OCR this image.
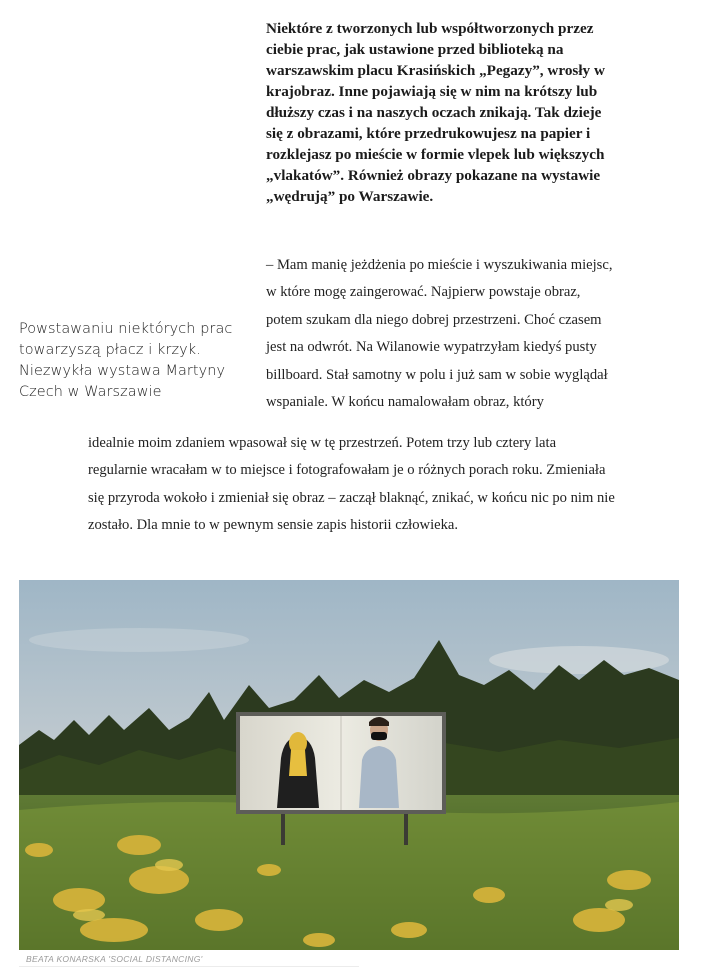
Niektóre z tworzonych lub współtworzonych przez ciebie prac, jak ustawione przed biblioteką na warszawskim placu Krasińskich „Pegazy”, wrosły w krajobraz. Inne pojawiają się w nim na krótszy lub dłuższy czas i na naszych oczach znikają. Tak dzieje się z obrazami, które przedrukowujesz na papier i rozklejasz po mieście w formie vlepek lub większych „vlakatów”. Również obrazy pokazane na wystawie „wędrują” po Warszawie.

– Mam manię jeżdżenia po mieście i wyszukiwania miejsc, w które mogę zaingerować. Najpierw powstaje obraz, potem szukam dla niego dobrej przestrzeni. Choć czasem jest na odwrót. Na Wilanowie wypatrzyłam kiedyś pusty billboard. Stał samotny w polu i już sam w sobie wyglądał wspaniale. W końcu namalowałam obraz, który

Powstawaniu niektórych prac towarzyszą płacz i krzyk. Niezwykła wystawa Martyny Czech w Warszawie

idealnie moim zdaniem wpasował się w tę przestrzeń. Potem trzy lub cztery lata regularnie wracałam w to miejsce i fotografowałam je o różnych porach roku. Zmieniała się przyroda wokoło i zmieniał się obraz – zaczął blaknąć, znikać, w końcu nic po nim nie zostało. Dla mnie to w pewnym sensie zapis historii człowieka.

BEATA KONARSKA 'SOCIAL DISTANCING'
